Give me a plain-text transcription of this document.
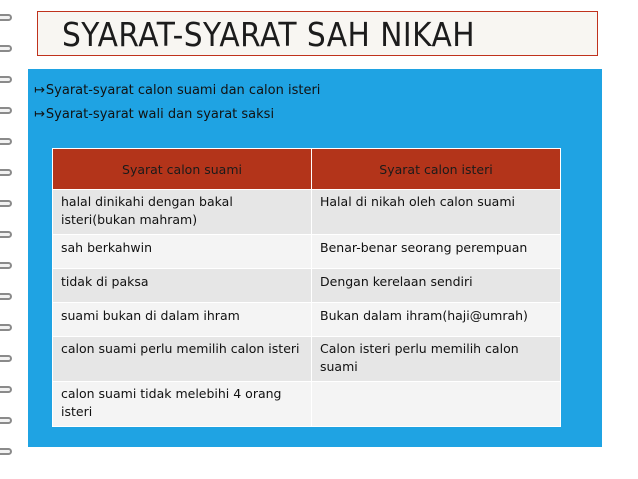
SYARAT-SYARAT SAH NIKAH
↦ Syarat-syarat calon suami dan calon isteri
↦ Syarat-syarat wali dan syarat saksi
Syarat calon suami	Syarat calon isteri
halal dinikahi dengan bakal isteri(bukan mahram)	Halal di nikah oleh calon suami
sah berkahwin	Benar-benar seorang perempuan
tidak di paksa	Dengan kerelaan sendiri
suami bukan di dalam ihram	Bukan dalam ihram(haji@umrah)
calon suami perlu memilih calon isteri	Calon isteri perlu memilih calon suami
calon suami tidak melebihi 4 orang isteri	
